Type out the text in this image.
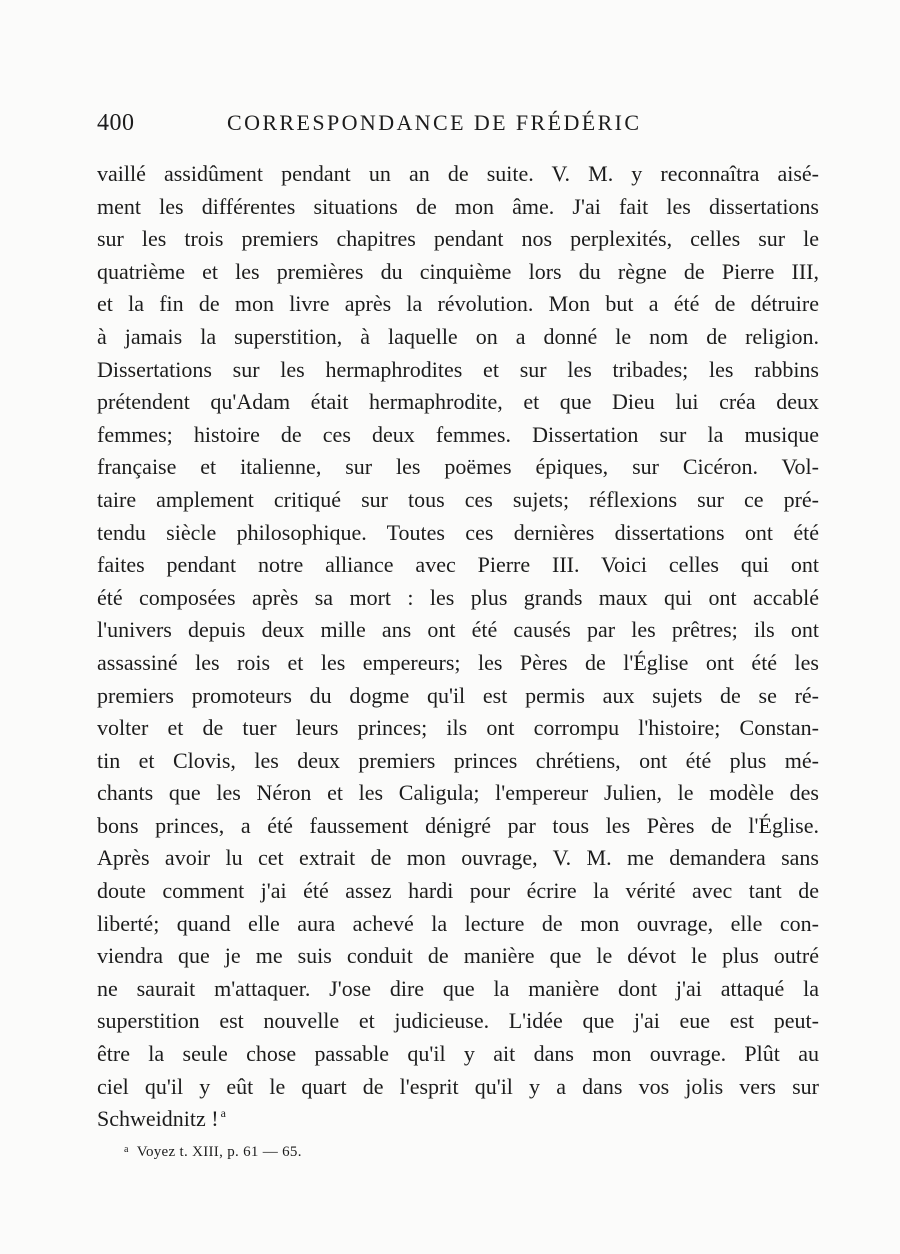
400	CORRESPONDANCE DE FRÉDÉRIC
vaillé assidûment pendant un an de suite. V. M. y reconnaîtra aisé-
ment les différentes situations de mon âme. J'ai fait les dissertations
sur les trois premiers chapitres pendant nos perplexités, celles sur le
quatrième et les premières du cinquième lors du règne de Pierre III,
et la fin de mon livre après la révolution. Mon but a été de détruire
à jamais la superstition, à laquelle on a donné le nom de religion.
Dissertations sur les hermaphrodites et sur les tribades; les rabbins
prétendent qu'Adam était hermaphrodite, et que Dieu lui créa deux
femmes; histoire de ces deux femmes. Dissertation sur la musique
française et italienne, sur les poëmes épiques, sur Cicéron. Vol-
taire amplement critiqué sur tous ces sujets; réflexions sur ce pré-
tendu siècle philosophique. Toutes ces dernières dissertations ont été
faites pendant notre alliance avec Pierre III. Voici celles qui ont
été composées après sa mort : les plus grands maux qui ont accablé
l'univers depuis deux mille ans ont été causés par les prêtres; ils ont
assassiné les rois et les empereurs; les Pères de l'Église ont été les
premiers promoteurs du dogme qu'il est permis aux sujets de se ré-
volter et de tuer leurs princes; ils ont corrompu l'histoire; Constan-
tin et Clovis, les deux premiers princes chrétiens, ont été plus mé-
chants que les Néron et les Caligula; l'empereur Julien, le modèle des
bons princes, a été faussement dénigré par tous les Pères de l'Église.
Après avoir lu cet extrait de mon ouvrage, V. M. me demandera sans
doute comment j'ai été assez hardi pour écrire la vérité avec tant de
liberté; quand elle aura achevé la lecture de mon ouvrage, elle con-
viendra que je me suis conduit de manière que le dévot le plus outré
ne saurait m'attaquer. J'ose dire que la manière dont j'ai attaqué la
superstition est nouvelle et judicieuse. L'idée que j'ai eue est peut-
être la seule chose passable qu'il y ait dans mon ouvrage. Plût au
ciel qu'il y eût le quart de l'esprit qu'il y a dans vos jolis vers sur
Schweidnitz ! $^a$
$^a$ Voyez t. XIII, p. 61 — 65.
